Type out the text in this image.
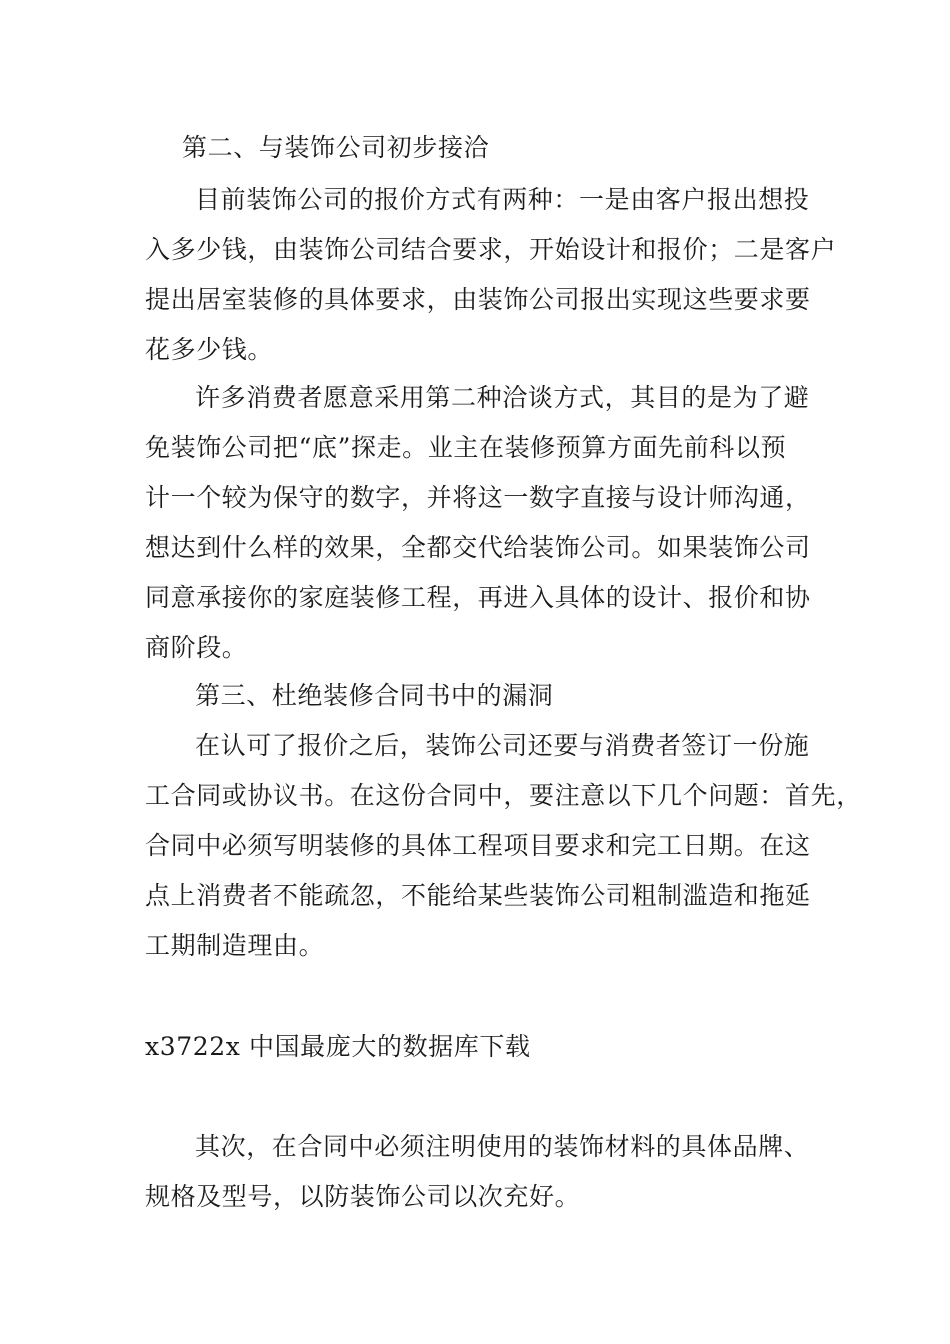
第二、与装饰公司初步接洽
目前装饰公司的报价方式有两种：一是由客户报出想投
入多少钱，由装饰公司结合要求，开始设计和报价；二是客户
提出居室装修的具体要求，由装饰公司报出实现这些要求要
花多少钱。
许多消费者愿意采用第二种洽谈方式，其目的是为了避
免装饰公司把“底”探走。业主在装修预算方面先前科以预
计一个较为保守的数字，并将这一数字直接与设计师沟通，
想达到什么样的效果，全都交代给装饰公司。如果装饰公司
同意承接你的家庭装修工程，再进入具体的设计、报价和协
商阶段。
第三、杜绝装修合同书中的漏洞
在认可了报价之后，装饰公司还要与消费者签订一份施
工合同或协议书。在这份合同中，要注意以下几个问题：首先，
合同中必须写明装修的具体工程项目要求和完工日期。在这
点上消费者不能疏忽，不能给某些装饰公司粗制滥造和拖延
工期制造理由。
x3722x 中国最庞大的数据库下载
其次，在合同中必须注明使用的装饰材料的具体品牌、
规格及型号，以防装饰公司以次充好。
